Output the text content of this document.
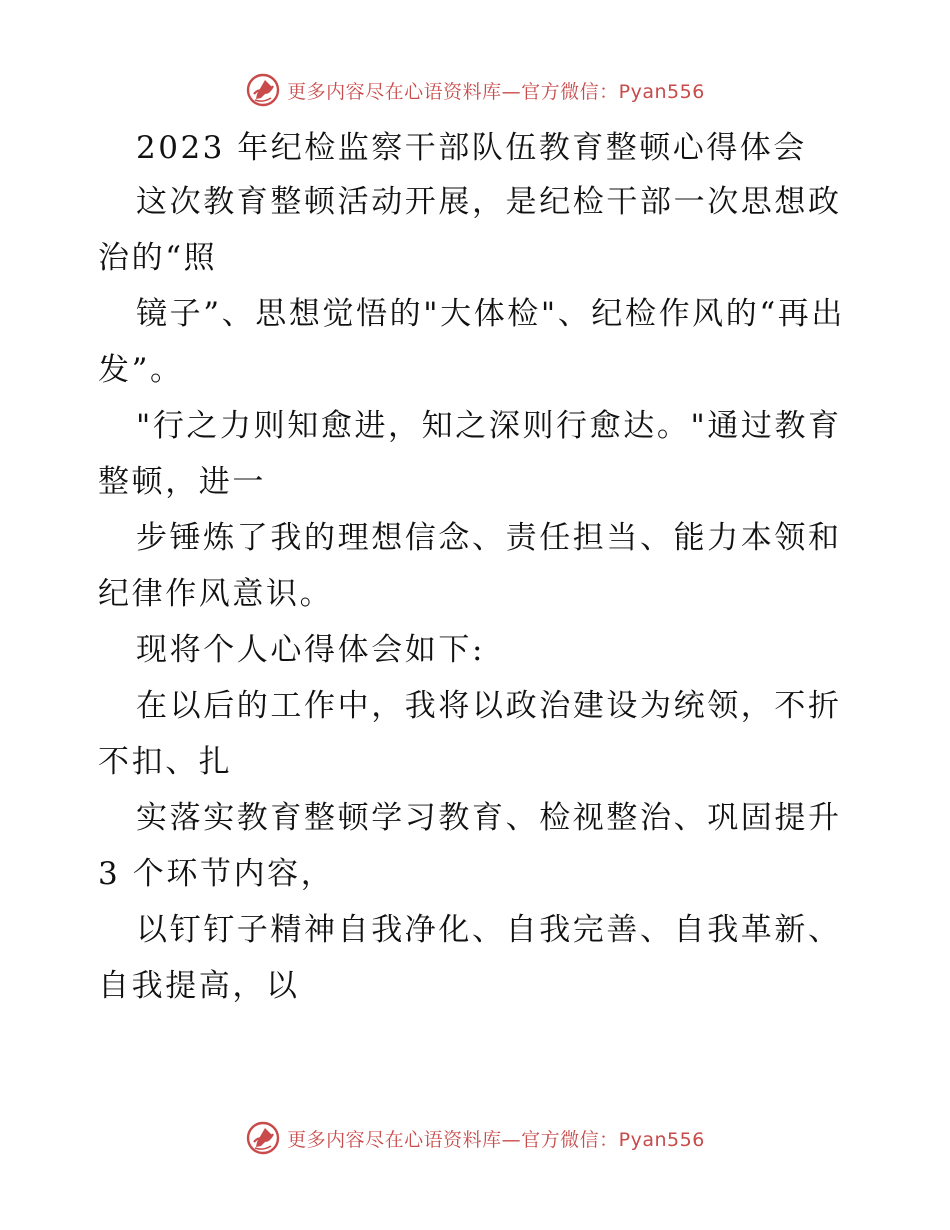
更多内容尽在心语资料库—官方微信：Pyan556
2023 年纪检监察干部队伍教育整顿心得体会

这次教育整顿活动开展，是纪检干部一次思想政治的“照

镜子”、思想觉悟的"大体检"、纪检作风的“再出发”。

"行之力则知愈进，知之深则行愈达。"通过教育整顿，进一

步锤炼了我的理想信念、责任担当、能力本领和纪律作风意识。

现将个人心得体会如下:

在以后的工作中，我将以政治建设为统领，不折不扣、扎

实落实教育整顿学习教育、检视整治、巩固提升 3 个环节内容，

以钉钉子精神自我净化、自我完善、自我革新、自我提高，以

更多内容尽在心语资料库—官方微信：Pyan556
